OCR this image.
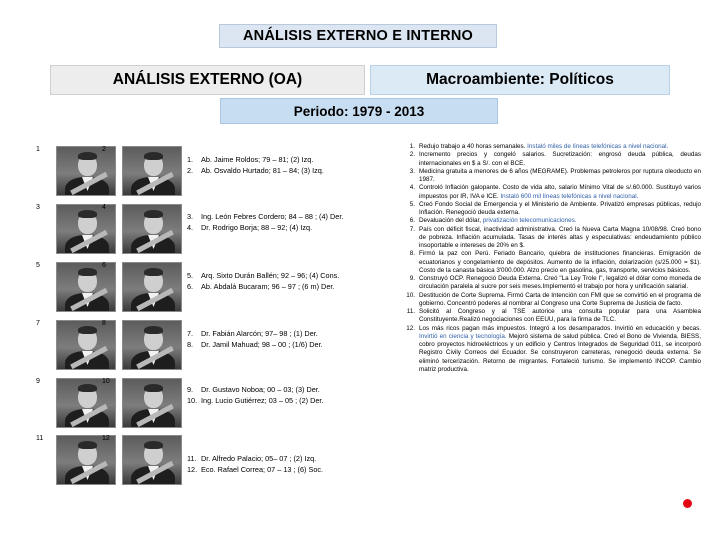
ANÁLISIS EXTERNO E INTERNO
ANÁLISIS EXTERNO (OA)	Macroambiente: Políticos
Periodo: 1979 - 2013
1	2
3	4
5	6
7	8
9	10
11	12
1.	Ab. Jaime Roldos; 79 – 81; (2) Izq.
2.	Ab. Osvaldo Hurtado; 81 – 84; (3) Izq.
3.	Ing. León Febres Cordero; 84 – 88 ; (4) Der.
4.	Dr. Rodrigo Borja; 88 – 92; (4) Izq.
5.	Arq. Sixto Durán Ballén; 92 – 96; (4) Cons.
6.	Ab. Abdalá Bucaram; 96 – 97 ; (6 m) Der.
7.	Dr. Fabián Alarcón; 97– 98 ; (1) Der.
8.	Dr. Jamil Mahuad; 98 – 00 ; (1/6) Der.
9.	Dr. Gustavo Noboa; 00 – 03; (3) Der.
10. Ing. Lucio Gutiérrez; 03 – 05 ; (2) Der.
11. Dr. Alfredo Palacio; 05– 07 ; (2) Izq.
12. Eco. Rafael Correa; 07 – 13 ; (6) Soc.
1. Redujo trabajo a 40 horas semanales. Instaló miles de líneas telefónicas a nivel nacional.
2. Incremento precios y congeló salarios. Sucretización: engrosó deuda pública, deudas internacionales en $ a S/. con el BCE.
3. Medicina gratuita a menores de 6 años (MEGRAME). Problemas petroleros por ruptura oleoducto en 1987.
4. Controló Inflación galopante. Costo de vida alto, salario Mínimo Vital de s/.60.000. Sustituyó varios impuestos por IR, IVA e ICE. Instaló 600 mil líneas telefónicas a nivel nacional.
5. Creó Fondo Social de Emergencia y el Ministerio de Ambiente. Privatizó empresas públicas, redujo Inflación. Renegoció deuda externa.
6. Devaluación del dólar, privatización telecomunicaciones.
7. País con déficit fiscal, inactividad administrativa. Creó la Nueva Carta Magna 10/08/98. Creó bono de pobreza. Inflación acumulada. Tasas de interés altas y especulativas: endeudamiento público insoportable e intereses de 20% en $.
8. Firmó la paz con Perú. Feriado Bancario, quiebra de instituciones financieras. Emigración de ecuatorianos y congelamiento de depósitos. Aumento de la inflación, dolarización (s/25.000 = $1). Costo de la canasta básica 3'000.000. Alzo precio en gasolina, gas, transporte, servicios básicos.
9. Construyó OCP. Renegoció Deuda Externa. Creó "La Ley Trole I", legalizó el dólar como moneda de circulación paralela al sucre por seis meses.Implementó el trabajo por hora y unificación salarial.
10. Destitución de Corte Suprema. Firmó Carta de Intención con FMI que se convirtió en el programa de gobierno. Concentró poderes al nombrar al Congreso una Corte Suprema de Justicia de facto.
11. Solicitó al Congreso y al TSE autorice una consulta popular para una Asamblea Constituyente.Realizó negociaciones con EEUU, para la firma de TLC.
12. Los más ricos pagan más impuestos. Integró a los desamparados. Invirtió en educación y becas. Invirtió en ciencia y tecnología. Mejoró sistema de salud pública. Creó el Bono de Vivienda. BIESS, cobro proyectos hidroeléctricos y un edificio y Centros Integrados de Seguridad 011, se incorporó Registro Civily Correos del Ecuador. Se construyeron carreteras, renegoció deuda externa. Se eliminó tercerización. Retorno de migrantes. Fortaleció turismo. Se implementó INCOP. Cambio matriz productiva.
